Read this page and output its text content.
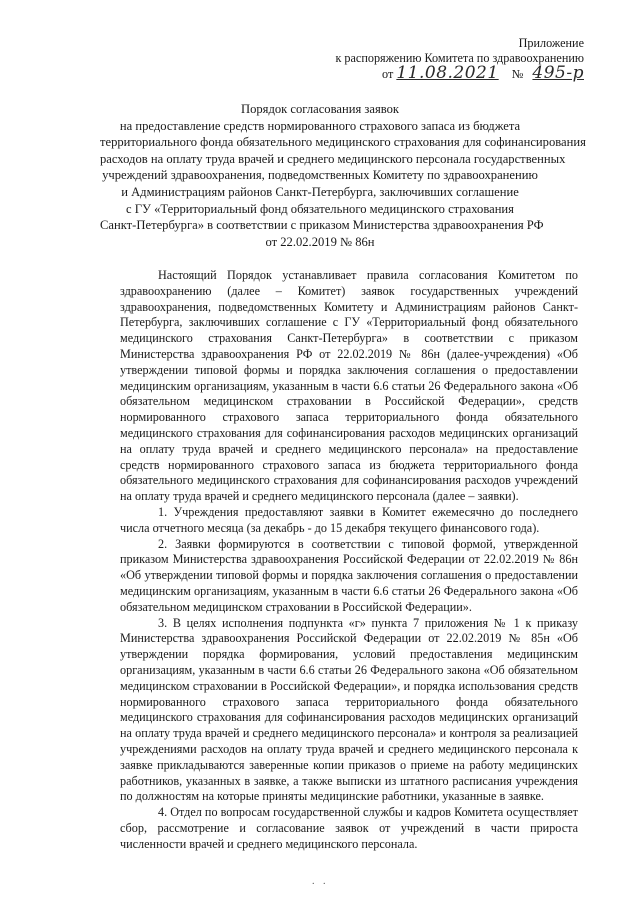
Приложение
к распоряжению Комитета по здравоохранению
от 11.08.2021 № 495-р
Порядок согласования заявок
на предоставление средств нормированного страхового запаса из бюджета
территориального фонда обязательного медицинского страхования для софинансирования
расходов на оплату труда врачей и среднего медицинского персонала государственных
учреждений здравоохранения, подведомственных Комитету по здравоохранению
и Администрациям районов Санкт-Петербурга, заключивших соглашение
с ГУ «Территориальный фонд обязательного медицинского страхования
Санкт-Петербурга» в соответствии с приказом Министерства здравоохранения РФ
от 22.02.2019 № 86н

Настоящий Порядок устанавливает правила согласования Комитетом по здравоохранению (далее – Комитет) заявок государственных учреждений здравоохранения, подведомственных Комитету и Администрациям районов Санкт-Петербурга, заключивших соглашение с ГУ «Территориальный фонд обязательного медицинского страхования Санкт-Петербурга» в соответствии с приказом Министерства здравоохранения РФ от 22.02.2019 № 86н (далее-учреждения) «Об утверждении типовой формы и порядка заключения соглашения о предоставлении медицинским организациям, указанным в части 6.6 статьи 26 Федерального закона «Об обязательном медицинском страховании в Российской Федерации», средств нормированного страхового запаса территориального фонда обязательного медицинского страхования для софинансирования расходов медицинских организаций на оплату труда врачей и среднего медицинского персонала» на предоставление средств нормированного страхового запаса из бюджета территориального фонда обязательного медицинского страхования для софинансирования расходов учреждений на оплату труда врачей и среднего медицинского персонала (далее – заявки).

1. Учреждения предоставляют заявки в Комитет ежемесячно до последнего числа отчетного месяца (за декабрь - до 15 декабря текущего финансового года).

2. Заявки формируются в соответствии с типовой формой, утвержденной приказом Министерства здравоохранения Российской Федерации от 22.02.2019 № 86н «Об утверждении типовой формы и порядка заключения соглашения о предоставлении медицинским организациям, указанным в части 6.6 статьи 26 Федерального закона «Об обязательном медицинском страховании в Российской Федерации».

3. В целях исполнения подпункта «г» пункта 7 приложения № 1 к приказу Министерства здравоохранения Российской Федерации от 22.02.2019 № 85н «Об утверждении порядка формирования, условий предоставления медицинским организациям, указанным в части 6.6 статьи 26 Федерального закона «Об обязательном медицинском страховании в Российской Федерации», и порядка использования средств нормированного страхового запаса территориального фонда обязательного медицинского страхования для софинансирования расходов медицинских организаций на оплату труда врачей и среднего медицинского персонала» и контроля за реализацией учреждениями расходов на оплату труда врачей и среднего медицинского персонала к заявке прикладываются заверенные копии приказов о приеме на работу медицинских работников, указанных в заявке, а также выписки из штатного расписания учреждения по должностям на которые приняты медицинские работники, указанные в заявке.

4. Отдел по вопросам государственной службы и кадров Комитета осуществляет сбор, рассмотрение и согласование заявок от учреждений в части прироста численности врачей и среднего медицинского персонала.

. .
